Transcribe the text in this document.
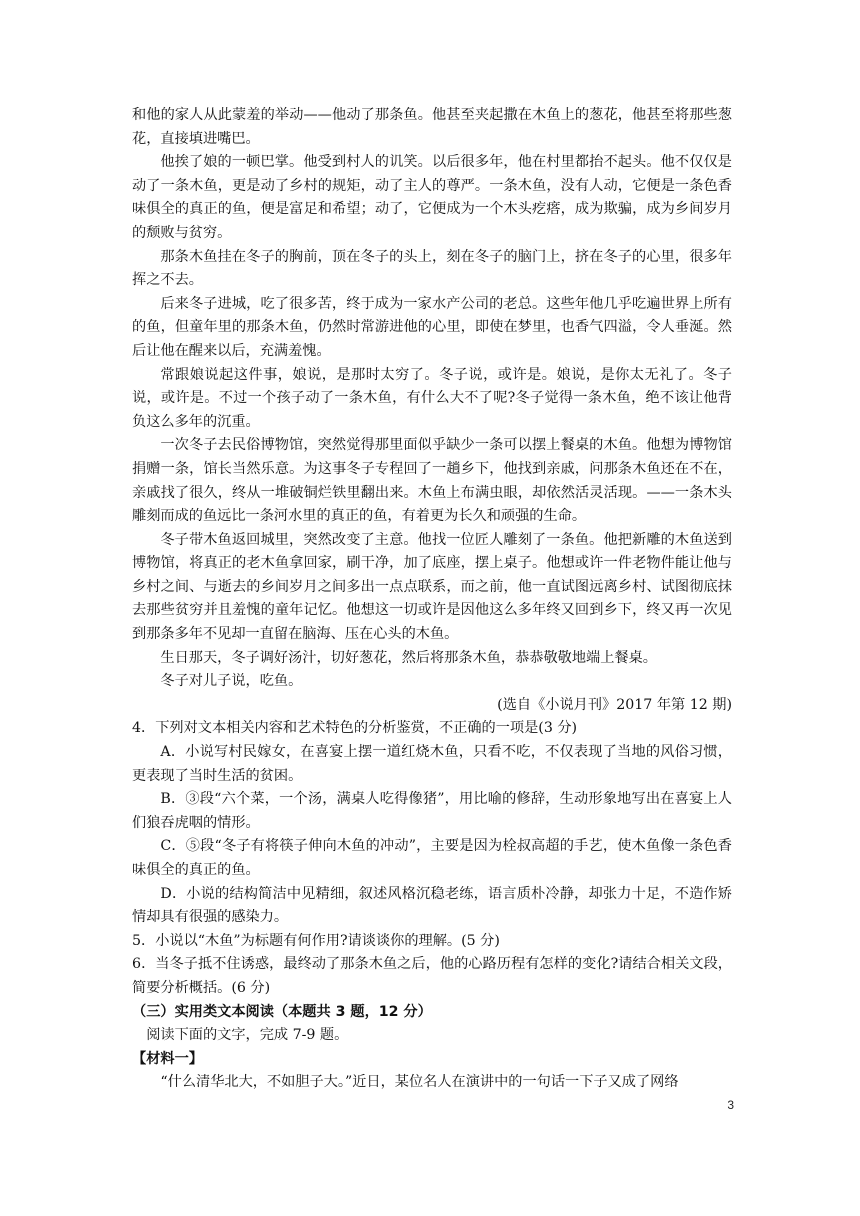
和他的家人从此蒙羞的举动——他动了那条鱼。他甚至夹起撒在木鱼上的葱花，他甚至将那些葱花，直接填进嘴巴。

他挨了娘的一顿巴掌。他受到村人的讥笑。以后很多年，他在村里都抬不起头。他不仅仅是动了一条木鱼，更是动了乡村的规矩，动了主人的尊严。一条木鱼，没有人动，它便是一条色香味俱全的真正的鱼，便是富足和希望；动了，它便成为一个木头疙瘩，成为欺骗，成为乡间岁月的颓败与贫穷。

那条木鱼挂在冬子的胸前，顶在冬子的头上，刻在冬子的脑门上，挤在冬子的心里，很多年挥之不去。

后来冬子进城，吃了很多苦，终于成为一家水产公司的老总。这些年他几乎吃遍世界上所有的鱼，但童年里的那条木鱼，仍然时常游进他的心里，即使在梦里，也香气四溢，令人垂涎。然后让他在醒来以后，充满羞愧。

常跟娘说起这件事，娘说，是那时太穷了。冬子说，或许是。娘说，是你太无礼了。冬子说，或许是。不过一个孩子动了一条木鱼，有什么大不了呢?冬子觉得一条木鱼，绝不该让他背负这么多年的沉重。

一次冬子去民俗博物馆，突然觉得那里面似乎缺少一条可以摆上餐桌的木鱼。他想为博物馆捐赠一条，馆长当然乐意。为这事冬子专程回了一趟乡下，他找到亲戚，问那条木鱼还在不在，亲戚找了很久，终从一堆破铜烂铁里翻出来。木鱼上布满虫眼，却依然活灵活现。——一条木头雕刻而成的鱼远比一条河水里的真正的鱼，有着更为长久和顽强的生命。

冬子带木鱼返回城里，突然改变了主意。他找一位匠人雕刻了一条鱼。他把新雕的木鱼送到博物馆，将真正的老木鱼拿回家，刷干净，加了底座，摆上桌子。他想或许一件老物件能让他与乡村之间、与逝去的乡间岁月之间多出一点点联系，而之前，他一直试图远离乡村、试图彻底抹去那些贫穷并且羞愧的童年记忆。他想这一切或许是因他这么多年终又回到乡下，终又再一次见到那条多年不见却一直留在脑海、压在心头的木鱼。

生日那天，冬子调好汤汁，切好葱花，然后将那条木鱼，恭恭敬敬地端上餐桌。

冬子对儿子说，吃鱼。

(选自《小说月刊》2017 年第 12 期)

4．下列对文本相关内容和艺术特色的分析鉴赏，不正确的一项是(3 分)

A．小说写村民嫁女，在喜宴上摆一道红烧木鱼，只看不吃，不仅表现了当地的风俗习惯，更表现了当时生活的贫困。

B．③段“六个菜，一个汤，满桌人吃得像猪”，用比喻的修辞，生动形象地写出在喜宴上人们狼吞虎咽的情形。

C．⑤段“冬子有将筷子伸向木鱼的冲动”，主要是因为栓叔高超的手艺，使木鱼像一条色香味俱全的真正的鱼。

D．小说的结构简洁中见精细，叙述风格沉稳老练，语言质朴冷静，却张力十足，不造作矫情却具有很强的感染力。

5．小说以“木鱼”为标题有何作用?请谈谈你的理解。(5 分)

6．当冬子抵不住诱惑，最终动了那条木鱼之后，他的心路历程有怎样的变化?请结合相关文段，简要分析概括。(6 分)

（三）实用类文本阅读（本题共 3 题，12 分）

阅读下面的文字，完成 7-9 题。

【材料一】

“什么清华北大，不如胆子大。”近日，某位名人在演讲中的一句话一下子又成了网络

3
